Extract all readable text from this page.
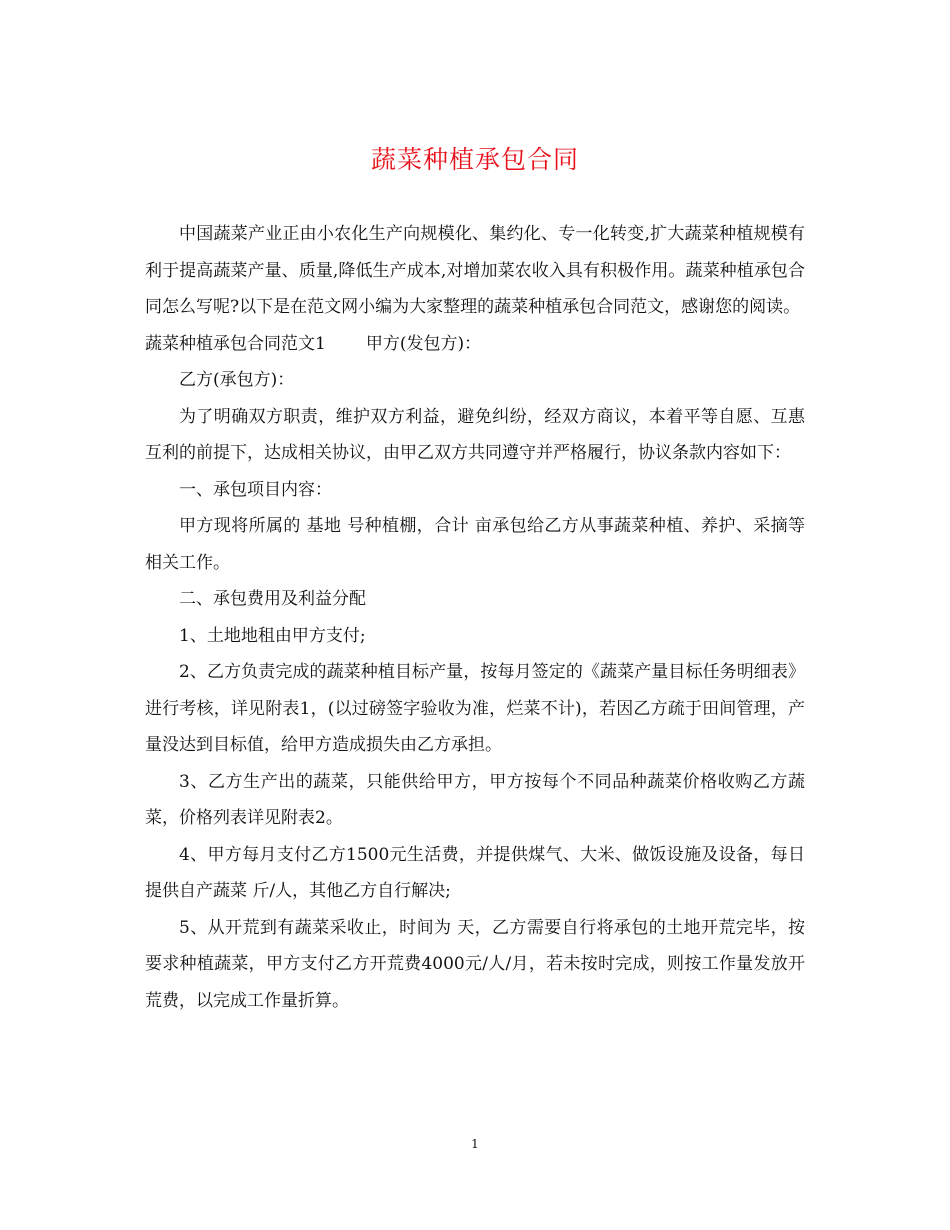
蔬菜种植承包合同

中国蔬菜产业正由小农化生产向规模化、集约化、专一化转变,扩大蔬菜种植规模有利于提高蔬菜产量、质量,降低生产成本,对增加菜农收入具有积极作用。蔬菜种植承包合同怎么写呢?以下是在范文网小编为大家整理的蔬菜种植承包合同范文，感谢您的阅读。

蔬菜种植承包合同范文1 甲方(发包方)：

乙方(承包方)：

为了明确双方职责，维护双方利益，避免纠纷，经双方商议，本着平等自愿、互惠互利的前提下，达成相关协议，由甲乙双方共同遵守并严格履行，协议条款内容如下：

一、承包项目内容：

甲方现将所属的 基地 号种植棚，合计 亩承包给乙方从事蔬菜种植、养护、采摘等相关工作。

二、承包费用及利益分配

1、土地地租由甲方支付;

2、乙方负责完成的蔬菜种植目标产量，按每月签定的《蔬菜产量目标任务明细表》进行考核，详见附表1，(以过磅签字验收为准，烂菜不计)，若因乙方疏于田间管理，产量没达到目标值，给甲方造成损失由乙方承担。

3、乙方生产出的蔬菜，只能供给甲方，甲方按每个不同品种蔬菜价格收购乙方蔬菜，价格列表详见附表2。

4、甲方每月支付乙方1500元生活费，并提供煤气、大米、做饭设施及设备，每日提供自产蔬菜 斤/人，其他乙方自行解决;

5、从开荒到有蔬菜采收止，时间为 天，乙方需要自行将承包的土地开荒完毕，按要求种植蔬菜，甲方支付乙方开荒费4000元/人/月，若未按时完成，则按工作量发放开荒费，以完成工作量折算。

1
